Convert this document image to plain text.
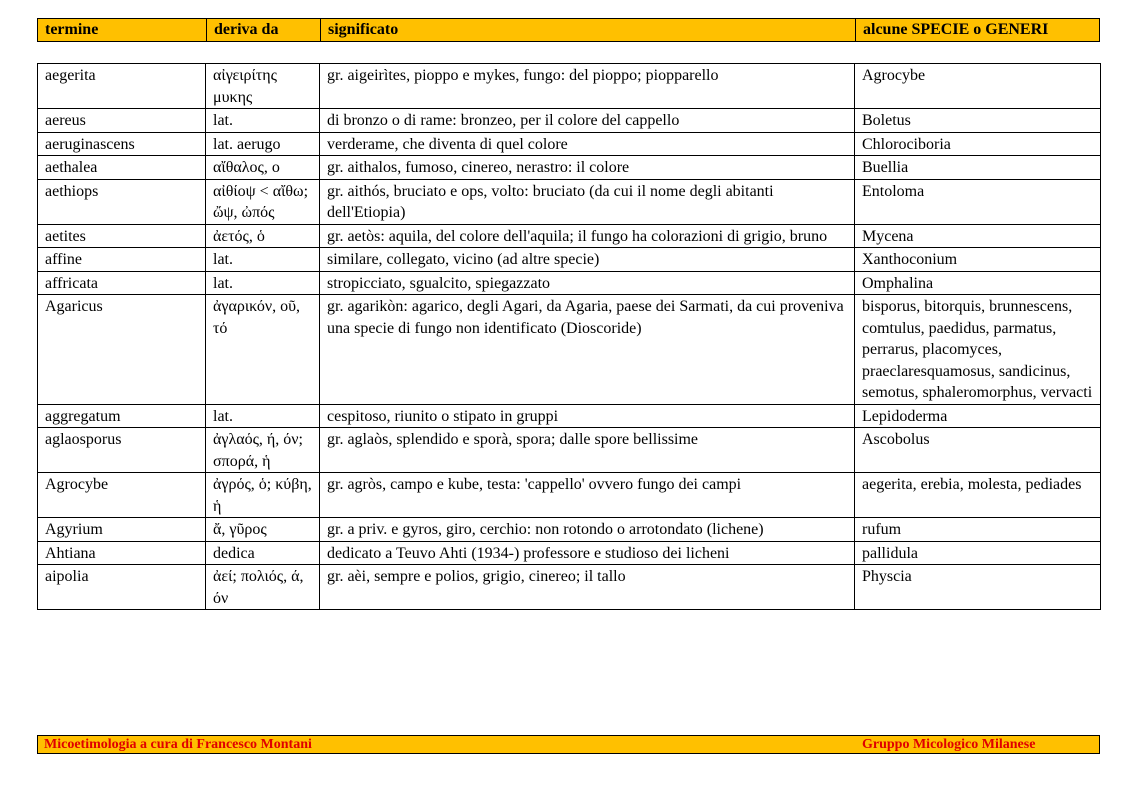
termine	deriva da	significato	alcune SPECIE o GENERI
aegerita	αἰγειρίτης μυκης	gr. aigeirìtes, pioppo e mykes, fungo: del pioppo; piopparello	Agrocybe
aereus	lat.	di bronzo o di rame: bronzeo, per il colore del cappello	Boletus
aeruginascens	lat. aerugo	verderame, che diventa di quel colore	Chlorociboria
aethalea	αἴθαλος, ο	gr. aithalos, fumoso, cinereo, nerastro: il colore	Buellia
aethiops	αἰθίοψ < αἴθω; ὤψ, ὠπός	gr. aithós, bruciato e ops, volto: bruciato (da cui il nome degli abitanti dell'Etiopia)	Entoloma
aetites	ἀετός, ὁ	gr. aetòs: aquila, del colore dell'aquila; il fungo ha colorazioni di grigio, bruno	Mycena
affine	lat.	similare, collegato, vicino (ad altre specie)	Xanthoconium
affricata	lat.	stropicciato, sgualcito, spiegazzato	Omphalina
Agaricus	ἀγαρικόν, οῦ, τό	gr. agarikòn: agarico, degli Agari, da Agaria, paese dei Sarmati, da cui proveniva una specie di fungo non identificato (Dioscoride)	bisporus, bitorquis, brunnescens, comtulus, paedidus, parmatus, perrarus, placomyces, praeclaresquamosus, sandicinus, semotus, sphaleromorphus, vervacti
aggregatum	lat.	cespitoso, riunito o stipato in gruppi	Lepidoderma
aglaosporus	ἀγλαός, ή, όν; σπορά, ἡ	gr. aglaòs, splendido e sporà, spora; dalle spore bellissime	Ascobolus
Agrocybe	ἀγρός, ὁ; κύβη, ἡ	gr. agròs, campo e kube, testa: 'cappello' ovvero fungo dei campi	aegerita, erebia, molesta, pediades
Agyrium	ἄ, γῦρος	gr. a priv. e gyros, giro, cerchio: non rotondo o arrotondato (lichene)	rufum
Ahtiana	dedica	dedicato a Teuvo Ahti (1934-) professore e studioso dei licheni	pallidula
aipolia	ἀεί; πολιός, ά, όν	gr. aèi, sempre e polios, grigio, cinereo; il tallo	Physcia
Micoetimologia a cura di Francesco Montani	Gruppo Micologico Milanese
